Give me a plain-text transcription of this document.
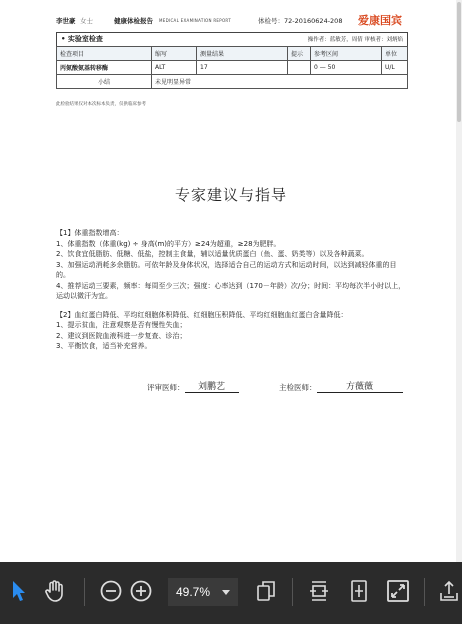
李世豪 女士	健康体检报告 MEDICAL EXAMINATION REPORT	体检号：72-20160624-208 爱康国宾
• 实验室检查	操作者：蓝敏芳，周倩 审核者：刘炳焰
检查项目	缩写	测量结果	提示	参考区间	单位
丙氨酸氨基转移酶	ALT	17		0 — 50	U/L
小结	未见明显异常				
此检验结果仅对本次标本负责，仅供临床参考
专家建议与指导

【1】体重指数增高：

1、体重指数（体重(kg) ÷ 身高(m)的平方）≥24为超重，≥28为肥胖。

2、饮食宜低脂肪、低糖、低盐，控制主食量，辅以适量优质蛋白（鱼、蛋、奶类等）以及各种蔬菜。

3、加强运动消耗多余脂肪。可依年龄及身体状况，选择适合自己的运动方式和运动时间，以达到减轻体重的目的。

4、推荐运动三要素，频率：每周至少三次；强度：心率达到（170－年龄）次/分；时间：平均每次半小时以上，运动以微汗为宜。

【2】血红蛋白降低、平均红细胞体积降低、红细胞压积降低、平均红细胞血红蛋白含量降低：

1、提示贫血，注意观察是否有慢性失血；

2、建议到医院血液科进一步复查、诊治；

3、平衡饮食，适当补充营养。

评审医师： 刘鹏艺	主检医师：	方薇薇
49.7%
